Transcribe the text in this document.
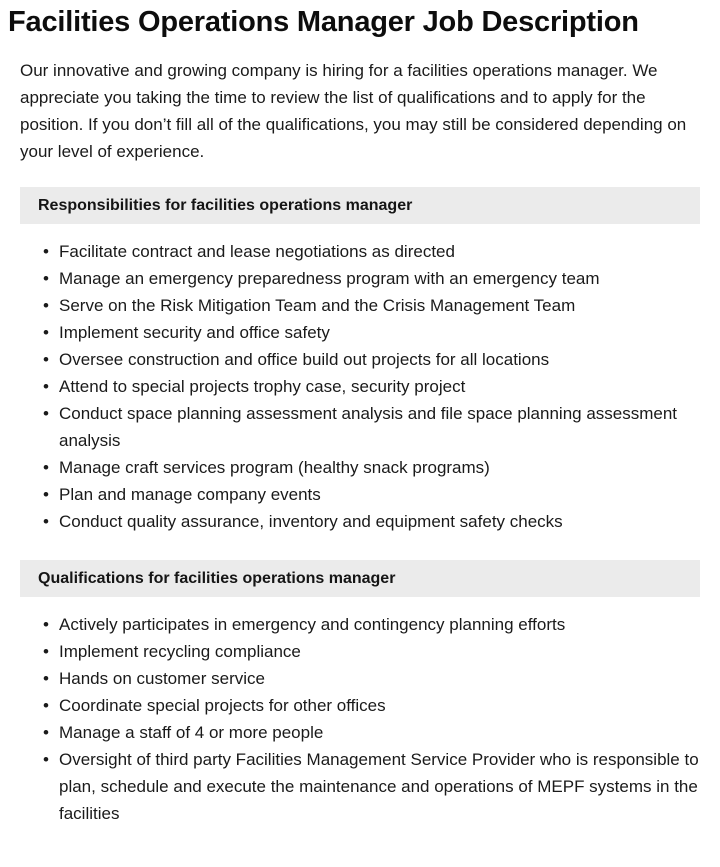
Facilities Operations Manager Job Description

Our innovative and growing company is hiring for a facilities operations manager. We appreciate you taking the time to review the list of qualifications and to apply for the position. If you don’t fill all of the qualifications, you may still be considered depending on your level of experience.

Responsibilities for facilities operations manager
• Facilitate contract and lease negotiations as directed
• Manage an emergency preparedness program with an emergency team
• Serve on the Risk Mitigation Team and the Crisis Management Team
• Implement security and office safety
• Oversee construction and office build out projects for all locations
• Attend to special projects trophy case, security project
• Conduct space planning assessment analysis and file space planning assessment analysis
• Manage craft services program (healthy snack programs)
• Plan and manage company events
• Conduct quality assurance, inventory and equipment safety checks
Qualifications for facilities operations manager
• Actively participates in emergency and contingency planning efforts
• Implement recycling compliance
• Hands on customer service
• Coordinate special projects for other offices
• Manage a staff of 4 or more people
• Oversight of third party Facilities Management Service Provider who is responsible to plan, schedule and execute the maintenance and operations of MEPF systems in the facilities
